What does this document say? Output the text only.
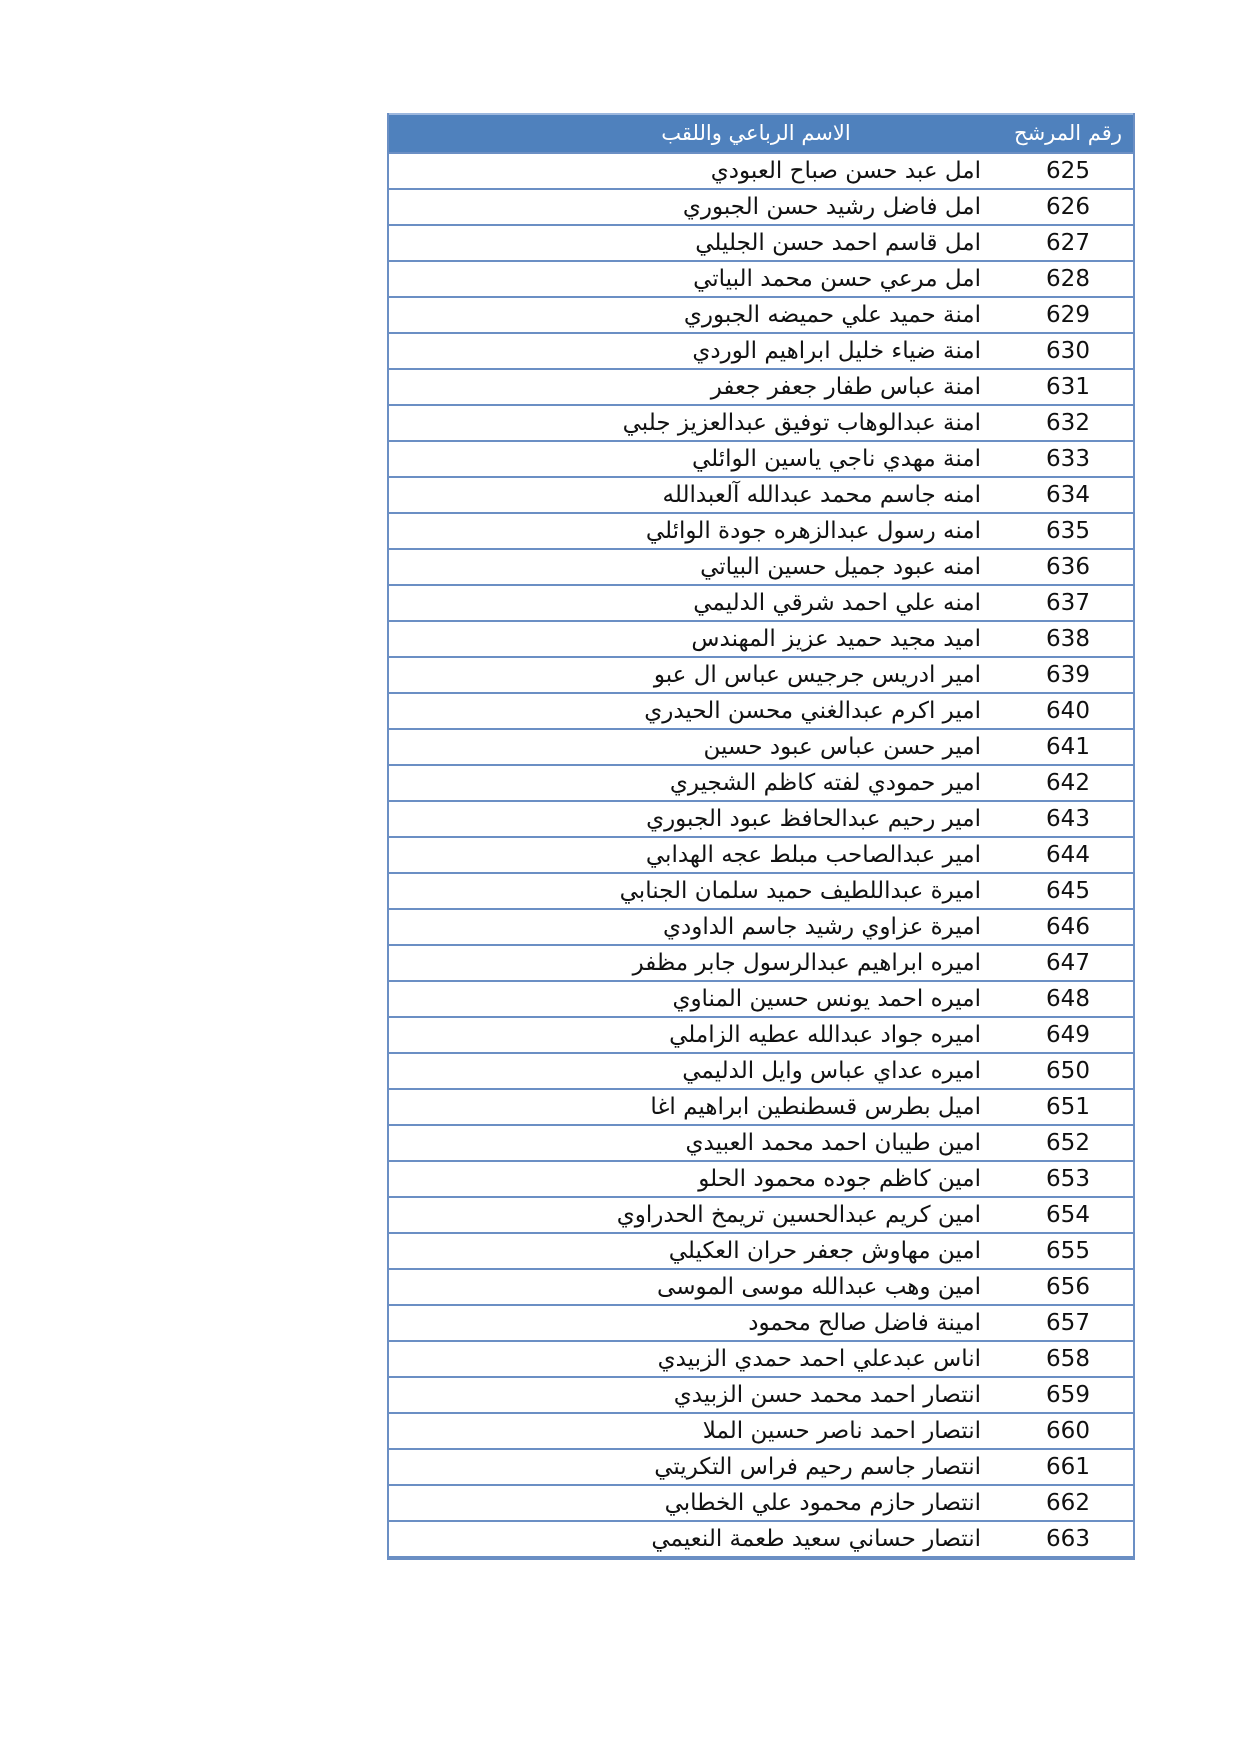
رقم المرشح
الاسم الرباعي واللقب
625
امل عبد حسن صباح العبودي
626
امل فاضل رشيد حسن الجبوري
627
امل قاسم احمد حسن الجليلي
628
امل مرعي حسن محمد البياتي
629
امنة حميد علي حميضه الجبوري
630
امنة ضياء خليل ابراهيم الوردي
631
امنة عباس طفار جعفر جعفر
632
امنة عبدالوهاب توفيق عبدالعزيز جلبي
633
امنة مهدي ناجي ياسين الوائلي
634
امنه جاسم محمد عبدالله آلعبدالله
635
امنه رسول عبدالزهره جودة الوائلي
636
امنه عبود جميل حسين البياتي
637
امنه علي احمد شرقي الدليمي
638
اميد مجيد حميد عزيز المهندس
639
امير ادريس جرجيس عباس ال عبو
640
امير اكرم عبدالغني محسن الحيدري
641
امير حسن عباس عبود حسين
642
امير حمودي لفته كاظم الشجيري
643
امير رحيم عبدالحافظ عبود الجبوري
644
امير عبدالصاحب مبلط عجه الهدابي
645
اميرة عبداللطيف حميد سلمان الجنابي
646
اميرة عزاوي رشيد جاسم الداودي
647
اميره ابراهيم عبدالرسول جابر مظفر
648
اميره احمد يونس حسين المناوي
649
اميره جواد عبدالله عطيه الزاملي
650
اميره عداي عباس وايل الدليمي
651
اميل بطرس قسطنطين ابراهيم اغا
652
امين طيبان احمد محمد العبيدي
653
امين كاظم جوده محمود الحلو
654
امين كريم عبدالحسين تريمخ الحدراوي
655
امين مهاوش جعفر حران العكيلي
656
امين وهب عبدالله موسى الموسى
657
امينة فاضل صالح محمود
658
اناس عبدعلي احمد حمدي الزبيدي
659
انتصار احمد محمد حسن الزبيدي
660
انتصار احمد ناصر حسين الملا
661
انتصار جاسم رحيم فراس التكريتي
662
انتصار حازم محمود علي الخطابي
663
انتصار حساني سعيد طعمة النعيمي
